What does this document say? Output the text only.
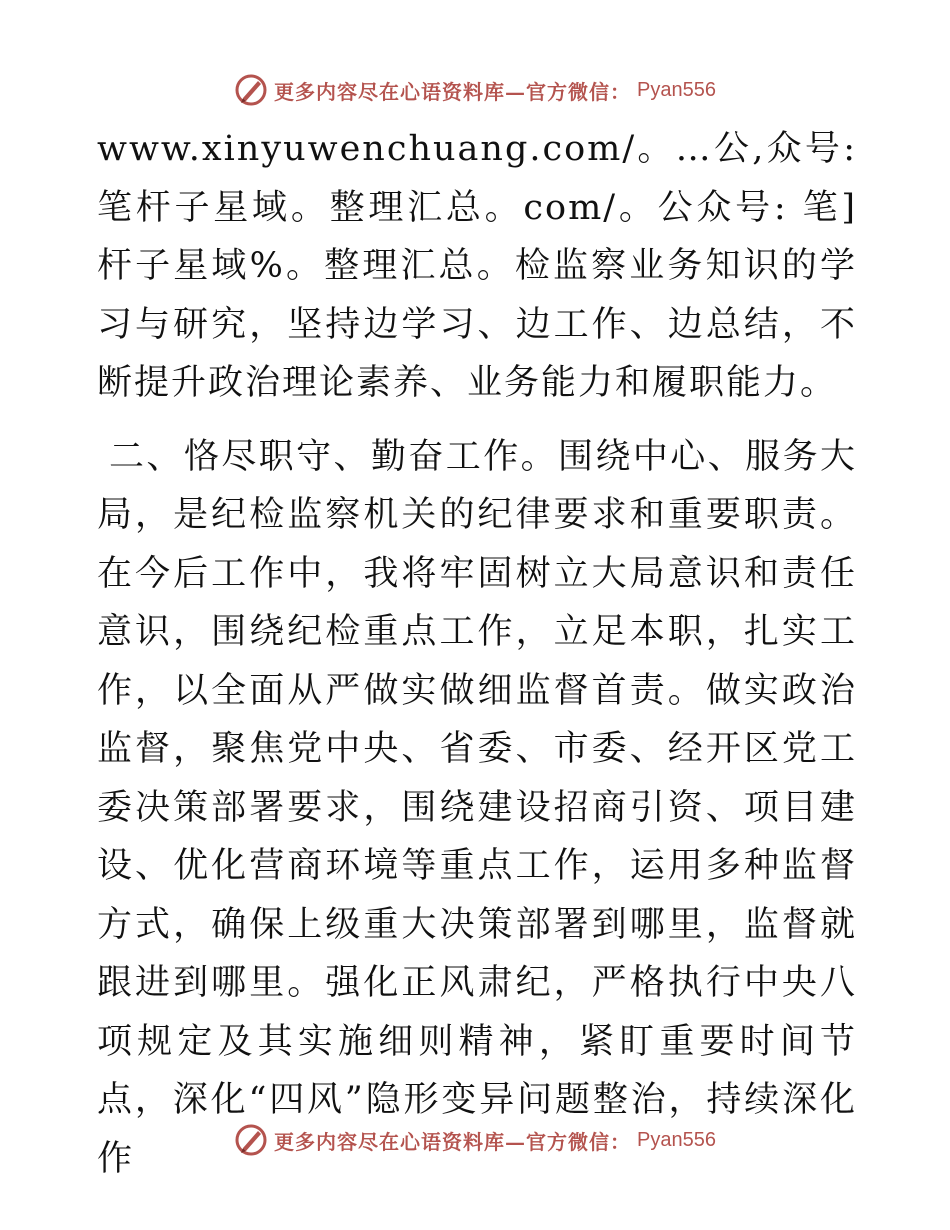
更多内容尽在心语资料库—官方微信： Pyan556

www.xinyuwenchuang.com/。…公,众号: 笔杆子星域。整理汇总。com/。公众号: 笔]杆子星域%。整理汇总。检监察业务知识的学习与研究，坚持边学习、边工作、边总结，不断提升政治理论素养、业务能力和履职能力。

二、恪尽职守、勤奋工作。围绕中心、服务大局，是纪检监察机关的纪律要求和重要职责。在今后工作中，我将牢固树立大局意识和责任意识，围绕纪检重点工作，立足本职，扎实工作，以全面从严做实做细监督首责。做实政治监督，聚焦党中央、省委、市委、经开区党工委决策部署要求，围绕建设招商引资、项目建设、优化营商环境等重点工作，运用多种监督方式，确保上级重大决策部署到哪里，监督就跟进到哪里。强化正风肃纪，严格执行中央八项规定及其实施细则精神，紧盯重要时间节点，深化“四风”隐形变异问题整治，持续深化作	更多内容尽在心语资料库—官方微信： Pyan556
